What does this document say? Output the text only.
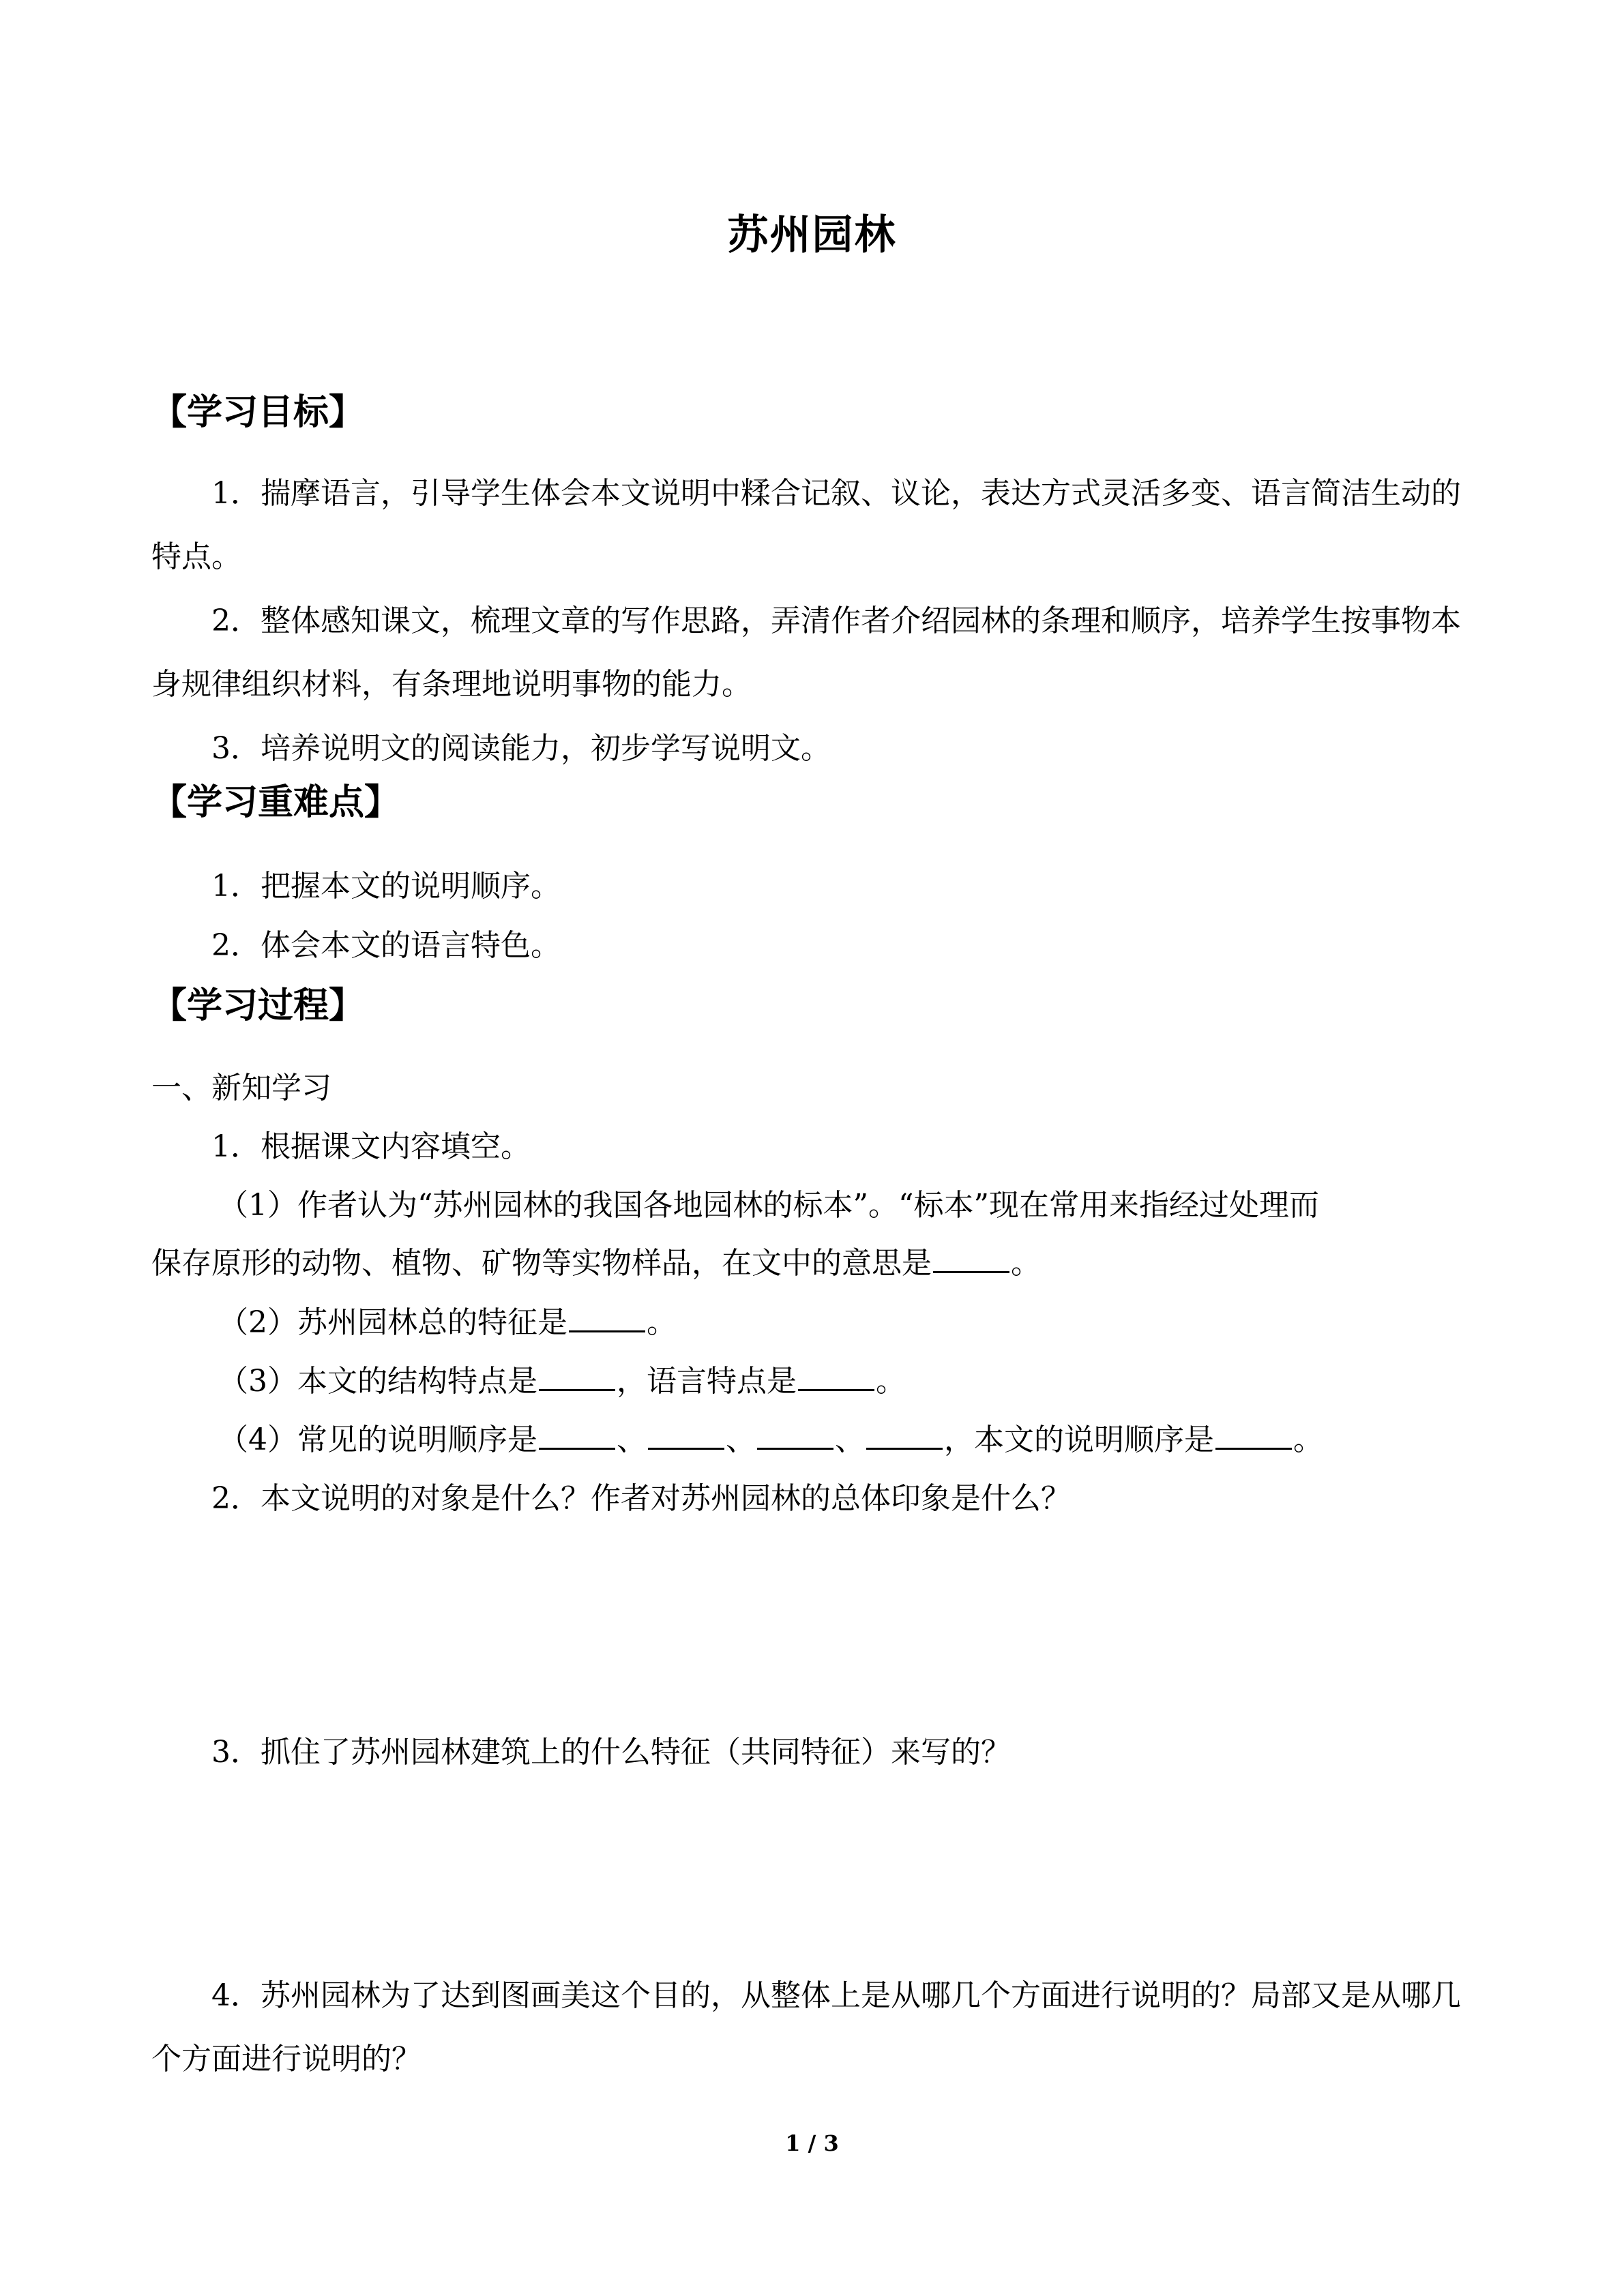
苏州园林
【学习目标】
1．揣摩语言，引导学生体会本文说明中糅合记叙、议论，表达方式灵活多变、语言简洁生动的特点。
2．整体感知课文，梳理文章的写作思路，弄清作者介绍园林的条理和顺序，培养学生按事物本身规律组织材料，有条理地说明事物的能力。
3．培养说明文的阅读能力，初步学写说明文。
【学习重难点】
1．把握本文的说明顺序。
2．体会本文的语言特色。
【学习过程】
一、新知学习
1．根据课文内容填空。
（1）作者认为“苏州园林的我国各地园林的标本”。“标本”现在常用来指经过处理而
保存原形的动物、植物、矿物等实物样品，在文中的意思是	。
（2）苏州园林总的特征是	。
（3）本文的结构特点是	，语言特点是	。
（4）常见的说明顺序是	、	、	、	，本文的说明顺序是	。
2．本文说明的对象是什么？作者对苏州园林的总体印象是什么？
3．抓住了苏州园林建筑上的什么特征（共同特征）来写的？
4．苏州园林为了达到图画美这个目的，从整体上是从哪几个方面进行说明的？局部又是从哪几个方面进行说明的？
1 / 3
